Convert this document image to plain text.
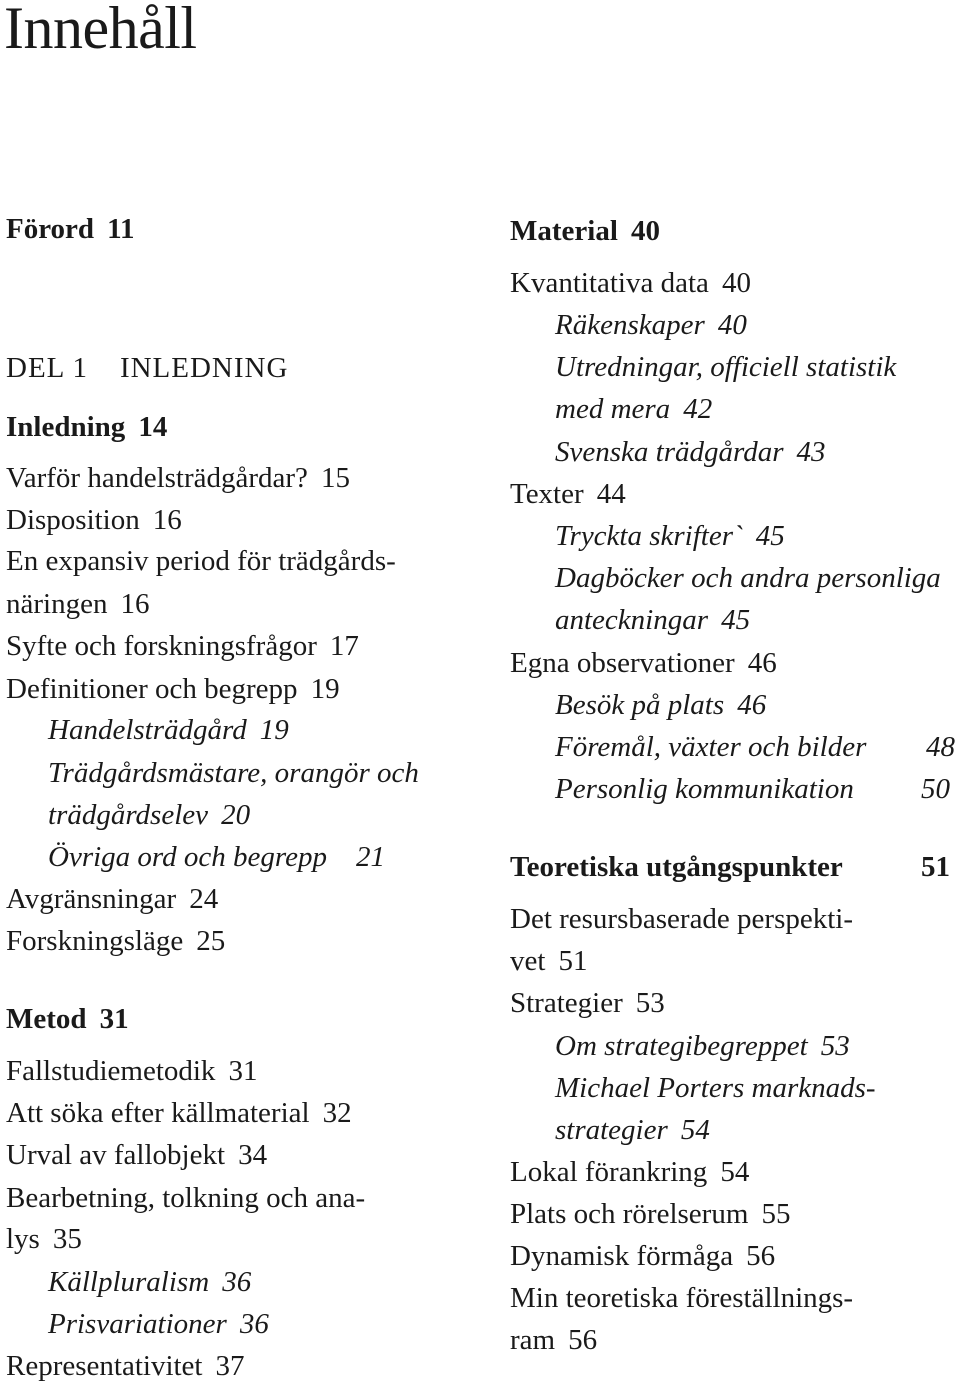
Innehåll
Förord 11
DEL 1 INLEDNING
Inledning 14
Varför handelsträdgårdar? 15
Disposition 16
En expansiv period för trädgårds-
näringen 16
Syfte och forskningsfrågor 17
Definitioner och begrepp 19
Handelsträdgård 19
Trädgårdsmästare, orangör och
trädgårdselev 20
Övriga ord och begrepp 21
Avgränsningar 24
Forskningsläge 25
Metod 31
Fallstudiemetodik 31
Att söka efter källmaterial 32
Urval av fallobjekt 34
Bearbetning, tolkning och ana-
lys 35
Källpluralism 36
Prisvariationer 36
Representativitet 37
Material 40
Kvantitativa data 40
Räkenskaper 40
Utredningar, officiell statistik
med mera 42
Svenska trädgårdar 43
Texter 44
Tryckta skrifter` 45
Dagböcker och andra personliga
anteckningar 45
Egna observationer 46
Besök på plats 46
Föremål, växter och bilder 48
Personlig kommunikation 50
Teoretiska utgångspunkter	51
Det resursbaserade perspekti-
vet 51
Strategier 53
Om strategibegreppet 53
Michael Porters marknads-
strategier 54
Lokal förankring 54
Plats och rörelserum 55
Dynamisk förmåga 56
Min teoretiska föreställnings-
ram 56
